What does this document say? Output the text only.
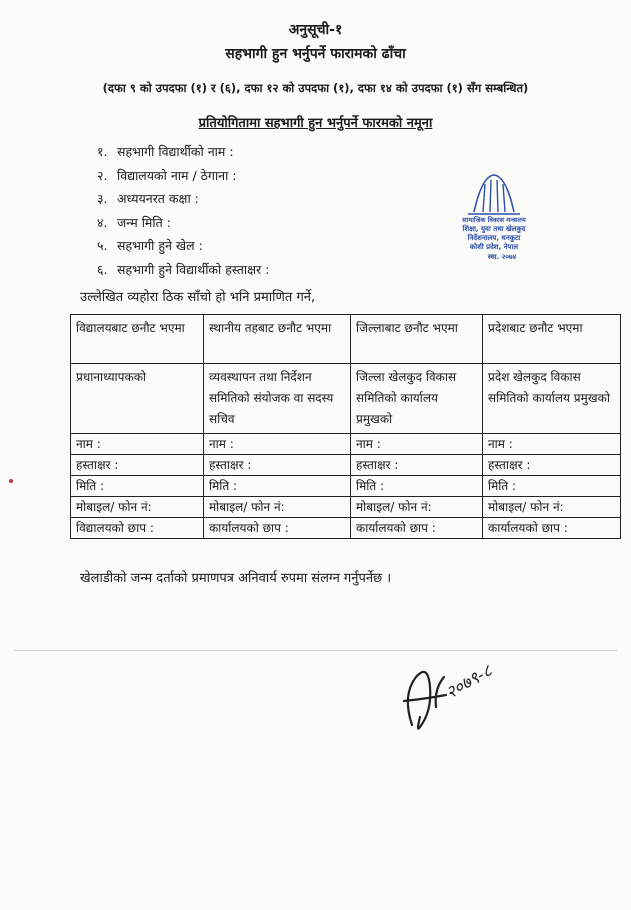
अनुसूची-१
सहभागी हुन भर्नुपर्ने फारामको ढाँचा
(दफा ९ को उपदफा (१) र (६), दफा १२ को उपदफा (१), दफा १४ को उपदफा (१) सँग सम्बन्धित)
प्रतियोगितामा सहभागी हुन भर्नुपर्ने फारमको नमूना
१. सहभागी विद्यार्थीको नाम :
२. विद्यालयको नाम / ठेगाना :
३. अध्ययनरत कक्षा :
४. जन्म मिति :
५. सहभागी हुने खेल :
६. सहभागी हुने विद्यार्थीको हस्ताक्षर :
सामाजिक विकास मन्त्रालय
शिक्षा, युवा तथा खेलकुद
निर्देशनालय, धनकुटा
कोशी प्रदेश, नेपाल
स्था. २०७४
उल्लेखित व्यहोरा ठिक साँचो हो भनि प्रमाणित गर्ने,
विद्यालयबाट छनौट भएमा	स्थानीय तहबाट छनौट भएमा	जिल्लाबाट छनौट भएमा	प्रदेशबाट छनौट भएमा
प्रधानाध्यापकको	व्यवस्थापन तथा निर्देशन समितिको संयोजक वा सदस्य सचिव	जिल्ला खेलकुद विकास समितिको कार्यालय प्रमुखको	प्रदेश खेलकुद विकास समितिको कार्यालय प्रमुखको
नाम :	नाम :	नाम :	नाम :
हस्ताक्षर :	हस्ताक्षर :	हस्ताक्षर :	हस्ताक्षर :
मिति :	मिति :	मिति :	मिति :
मोबाइल/ फोन नं:	मोबाइल/ फोन नं:	मोबाइल/ फोन नं:	मोबाइल/ फोन नं:
विद्यालयको छाप :	कार्यालयको छाप :	कार्यालयको छाप :	कार्यालयको छाप :
खेलाडीको जन्म दर्ताको प्रमाणपत्र अनिवार्य रुपमा संलग्न गर्नुपर्नेछ ।
२०७९-८
